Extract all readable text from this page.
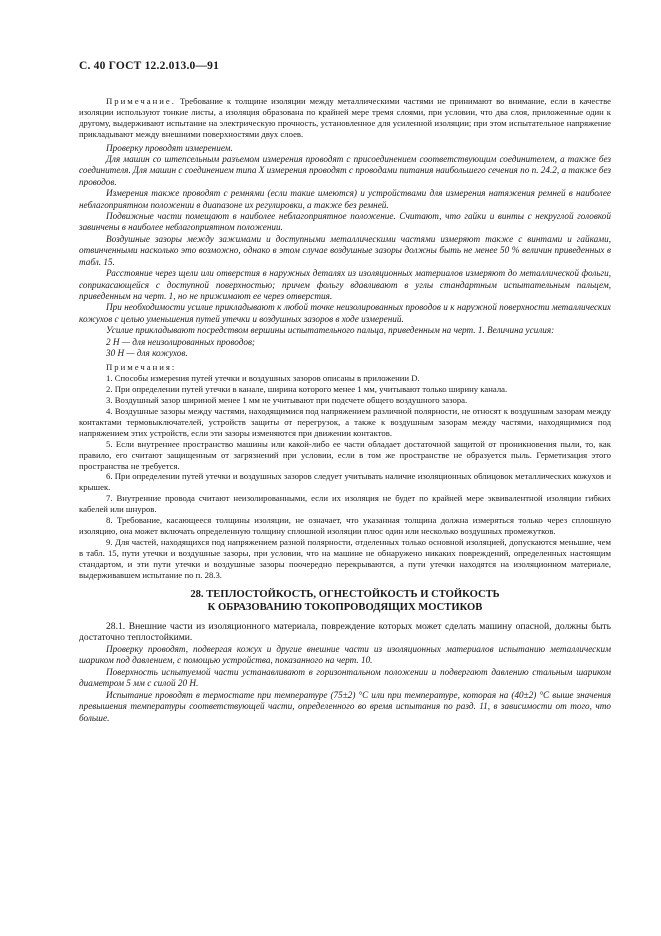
С. 40 ГОСТ 12.2.013.0—91

Примечание. Требование к толщине изоляции между металлическими частями не принимают во внимание, если в качестве изоляции используют тонкие листы, а изоляция образована по крайней мере тремя слоями, при условии, что два слоя, приложенные один к другому, выдерживают испытание на электрическую прочность, установленное для усиленной изоляции; при этом испытательное напряжение прикладывают между внешними поверхностями двух слоев.

Проверку проводят измерением.

Для машин со штепсельным разъемом измерения проводят с присоединением соответствующим соединителем, а также без соединителя. Для машин с соединением типа X измерения проводят с проводами питания наибольшего сечения по п. 24.2, а также без проводов.

Измерения также проводят с ремнями (если такие имеются) и устройствами для измерения натяжения ремней в наиболее неблагоприятном положении в диапазоне их регулировки, а также без ремней.

Подвижные части помещают в наиболее неблагоприятное положение. Считают, что гайки и винты с некруглой головкой завинчены в наиболее неблагоприятном положении.

Воздушные зазоры между зажимами и доступными металлическими частями измеряют также с винтами и гайками, отвинченными насколько это возможно, однако в этом случае воздушные зазоры должны быть не менее 50 % величин приведенных в табл. 15.

Расстояние через щели или отверстия в наружных деталях из изоляционных материалов измеряют до металлической фольги, соприкасающейся с доступной поверхностью; причем фольгу вдавливают в углы стандартным испытательным пальцем, приведенным на черт. 1, но не прижимают ее через отверстия.

При необходимости усилие прикладывают к любой точке неизолированных проводов и к наружной поверхности металлических кожухов с целью уменьшения путей утечки и воздушных зазоров в ходе измерений.

Усилие прикладывают посредством вершины испытательного пальца, приведенным на черт. 1. Величина усилия:

2 Н — для неизолированных проводов;

30 Н — для кожухов.

Примечания:

1. Способы измерения путей утечки и воздушных зазоров описаны в приложении D.

2. При определении путей утечки в канале, ширина которого менее 1 мм, учитывают только ширину канала.

3. Воздушный зазор шириной менее 1 мм не учитывают при подсчете общего воздушного зазора.

4. Воздушные зазоры между частями, находящимися под напряжением различной полярности, не относят к воздушным зазорам между контактами термовыключателей, устройств защиты от перегрузок, а также к воздушным зазорам между частями, находящимися под напряжением этих устройств, если эти зазоры изменяются при движении контактов.

5. Если внутреннее пространство машины или какой-либо ее части обладает достаточной защитой от проникновения пыли, то, как правило, его считают защищенным от загрязнений при условии, если в том же пространстве не образуется пыль. Герметизация этого пространства не требуется.

6. При определении путей утечки и воздушных зазоров следует учитывать наличие изоляционных облицовок металлических кожухов и крышек.

7. Внутренние провода считают неизолированными, если их изоляция не будет по крайней мере эквивалентной изоляции гибких кабелей или шнуров.

8. Требование, касающееся толщины изоляции, не означает, что указанная толщина должна измеряться только через сплошную изоляцию, она может включать определенную толщину сплошной изоляции плюс один или несколько воздушных промежутков.

9. Для частей, находящихся под напряжением разной полярности, отделенных только основной изоляцией, допускаются меньшие, чем в табл. 15, пути утечки и воздушные зазоры, при условии, что на машине не обнаружено никаких повреждений, определенных настоящим стандартом, и эти пути утечки и воздушные зазоры поочередно перекрываются, а пути утечки находятся на изоляционном материале, выдерживавшем испытание по п. 28.3.

28. ТЕПЛОСТОЙКОСТЬ, ОГНЕСТОЙКОСТЬ И СТОЙКОСТЬ
К ОБРАЗОВАНИЮ ТОКОПРОВОДЯЩИХ МОСТИКОВ

28.1. Внешние части из изоляционного материала, повреждение которых может сделать машину опасной, должны быть достаточно теплостойкими.

Проверку проводят, подвергая кожух и другие внешние части из изоляционных материалов испытанию металлическим шариком под давлением, с помощью устройства, показанного на черт. 10.

Поверхность испытуемой части устанавливают в горизонтальном положении и подвергают давлению стальным шариком диаметром 5 мм с силой 20 Н.

Испытание проводят в термостате при температуре (75±2) °С или при температуре, которая на (40±2) °С выше значения превышения температуры соответствующей части, определенного во время испытания по разд. 11, в зависимости от того, что больше.
